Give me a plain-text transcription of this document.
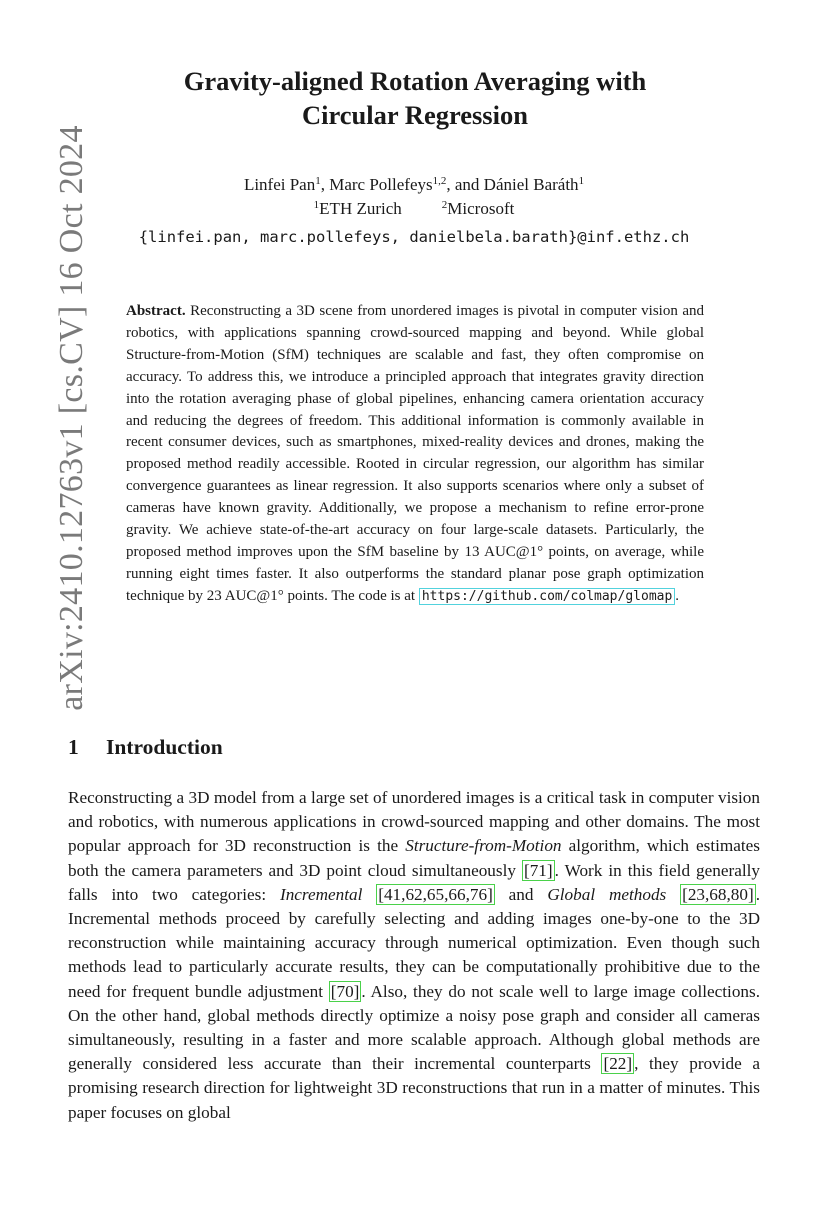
arXiv:2410.12763v1 [cs.CV] 16 Oct 2024
Gravity-aligned Rotation Averaging with
Circular Regression
Linfei Pan$^1$, Marc Pollefeys$^{1,2}$, and Dániel Baráth$^1$
$^1$ETH Zurich	$^2$Microsoft
{linfei.pan, marc.pollefeys, danielbela.barath}@inf.ethz.ch
Abstract. Reconstructing a 3D scene from unordered images is pivotal in computer vision and robotics, with applications spanning crowd-sourced mapping and beyond. While global Structure-from-Motion (SfM) techniques are scalable and fast, they often compromise on accuracy. To address this, we introduce a principled approach that integrates gravity direction into the rotation averaging phase of global pipelines, enhancing camera orientation accuracy and reducing the degrees of freedom. This additional information is commonly available in recent consumer devices, such as smartphones, mixed-reality devices and drones, making the proposed method readily accessible. Rooted in circular regression, our algorithm has similar convergence guarantees as linear regression. It also supports scenarios where only a subset of cameras have known gravity. Additionally, we propose a mechanism to refine error-prone gravity. We achieve state-of-the-art accuracy on four large-scale datasets. Particularly, the proposed method improves upon the SfM baseline by 13 AUC@1° points, on average, while running eight times faster. It also outperforms the standard planar pose graph optimization technique by 23 AUC@1° points. The code is at https://github.com/colmap/glomap .
1 Introduction
Reconstructing a 3D model from a large set of unordered images is a critical task in computer vision and robotics, with numerous applications in crowd-sourced mapping and other domains. The most popular approach for 3D reconstruction is the Structure-from-Motion algorithm, which estimates both the camera parameters and 3D point cloud simultaneously [71] . Work in this field generally falls into two categories: Incremental [41,62,65,66,76] and Global methods [23,68,80] . Incremental methods proceed by carefully selecting and adding images one-by-one to the 3D reconstruction while maintaining accuracy through numerical optimization. Even though such methods lead to particularly accurate results, they can be computationally prohibitive due to the need for frequent bundle adjustment [70] . Also, they do not scale well to large image collections. On the other hand, global methods directly optimize a noisy pose graph and consider all cameras simultaneously, resulting in a faster and more scalable approach. Although global methods are generally considered less accurate than their incremental counterparts [22] , they provide a promising research direction for lightweight 3D reconstructions that run in a matter of minutes. This paper focuses on global
